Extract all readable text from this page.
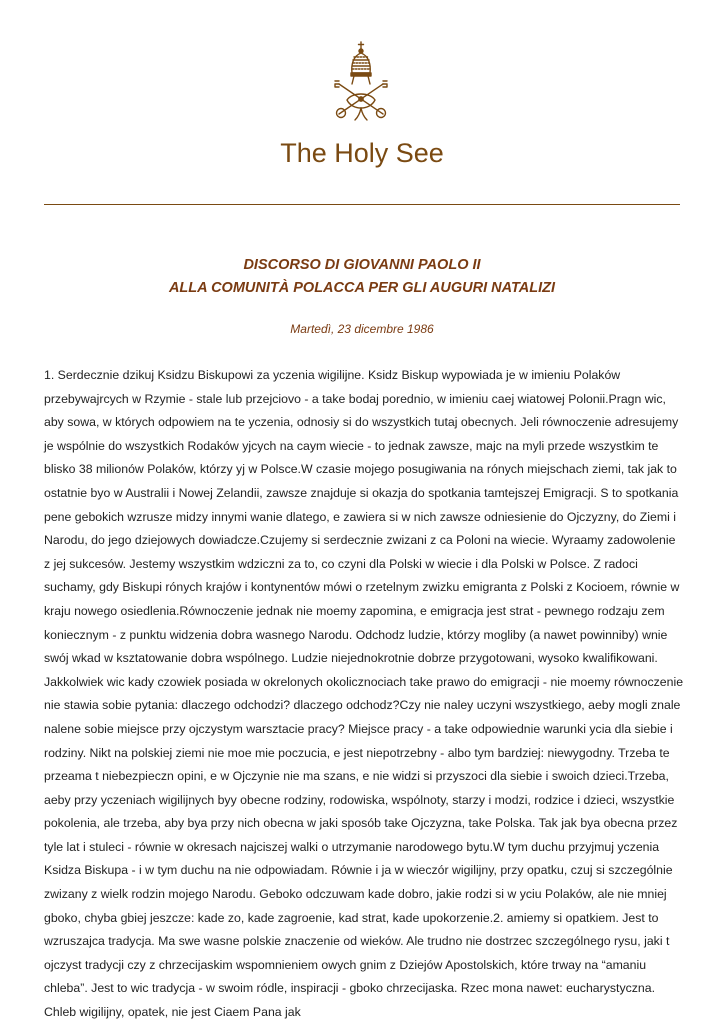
The Holy See
DISCORSO DI GIOVANNI PAOLO II
ALLA COMUNITÀ POLACCA PER GLI AUGURI NATALIZI
Martedì, 23 dicembre 1986

1. Serdecznie dzikuj Ksidzu Biskupowi za yczenia wigilijne. Ksidz Biskup wypowiada je w imieniu Polaków przebywajrcych w Rzymie - stale lub przejciovo - a take bodaj porednio, w imieniu caej wiatowej Polonii.Pragn wic, aby sowa, w których odpowiem na te yczenia, odnosiy si do wszystkich tutaj obecnych. Jeli równoczenie adresujemy je wspólnie do wszystkich Rodaków yjcych na caym wiecie - to jednak zawsze, majc na myli przede wszystkim te blisko 38 milionów Polaków, którzy yj w Polsce.W czasie mojego posugiwania na rónych miejschach ziemi, tak jak to ostatnie byo w Australii i Nowej Zelandii, zawsze znajduje si okazja do spotkania tamtejszej Emigracji. S to spotkania pene gebokich wzrusze midzy innymi wanie dlatego, e zawiera si w nich zawsze odniesienie do Ojczyzny, do Ziemi i Narodu, do jego dziejowych dowiadcze.Czujemy si serdecznie zwizani z ca Poloni na wiecie. Wyraamy zadowolenie z jej sukcesów. Jestemy wszystkim wdziczni za to, co czyni dla Polski w wiecie i dla Polski w Polsce. Z radoci suchamy, gdy Biskupi rónych krajów i kontynentów mówi o rzetelnym zwizku emigranta z Polski z Kocioem, równie w kraju nowego osiedlenia.Równoczenie jednak nie moemy zapomina, e emigracja jest strat - pewnego rodzaju zem koniecznym - z punktu widzenia dobra wasnego Narodu. Odchodz ludzie, którzy mogliby (a nawet powinniby) wnie swój wkad w ksztatowanie dobra wspólnego. Ludzie niejednokrotnie dobrze przygotowani, wysoko kwalifikowani. Jakkolwiek wic kady czowiek posiada w okrelonych okolicznociach take prawo do emigracji - nie moemy równoczenie nie stawia sobie pytania: dlaczego odchodzi? dlaczego odchodz?Czy nie naley uczyni wszystkiego, aeby mogli znale nalene sobie miejsce przy ojczystym warsztacie pracy? Miejsce pracy - a take odpowiednie warunki ycia dla siebie i rodziny. Nikt na polskiej ziemi nie moe mie poczucia, e jest niepotrzebny - albo tym bardziej: niewygodny. Trzeba te przeama t niebezpieczn opini, e w Ojczynie nie ma szans, e nie widzi si przyszoci dla siebie i swoich dzieci.Trzeba, aeby przy yczeniach wigilijnych byy obecne rodziny, rodowiska, wspólnoty, starzy i modzi, rodzice i dzieci, wszystkie pokolenia, ale trzeba, aby bya przy nich obecna w jaki sposób take Ojczyzna, take Polska. Tak jak bya obecna przez tyle lat i stuleci - równie w okresach najciszej walki o utrzymanie narodowego bytu.W tym duchu przyjmuj yczenia Ksidza Biskupa - i w tym duchu na nie odpowiadam. Równie i ja w wieczór wigilijny, przy opatku, czuj si szczególnie zwizany z wielk rodzin mojego Narodu. Geboko odczuwam kade dobro, jakie rodzi si w yciu Polaków, ale nie mniej gboko, chyba gbiej jeszcze: kade zo, kade zagroenie, kad strat, kade upokorzenie.2. amiemy si opatkiem. Jest to wzruszajca tradycja. Ma swe wasne polskie znaczenie od wieków. Ale trudno nie dostrzec szczególnego rysu, jaki t ojczyst tradycji czy z chrzecijaskim wspomnieniem owych gnim z Dziejów Apostolskich, które trway na “amaniu chleba”. Jest to wic tradycja - w swoim ródle, inspiracji - gboko chrzecijaska. Rzec mona nawet: eucharystyczna. Chleb wigilijny, opatek, nie jest Ciaem Pana jak
